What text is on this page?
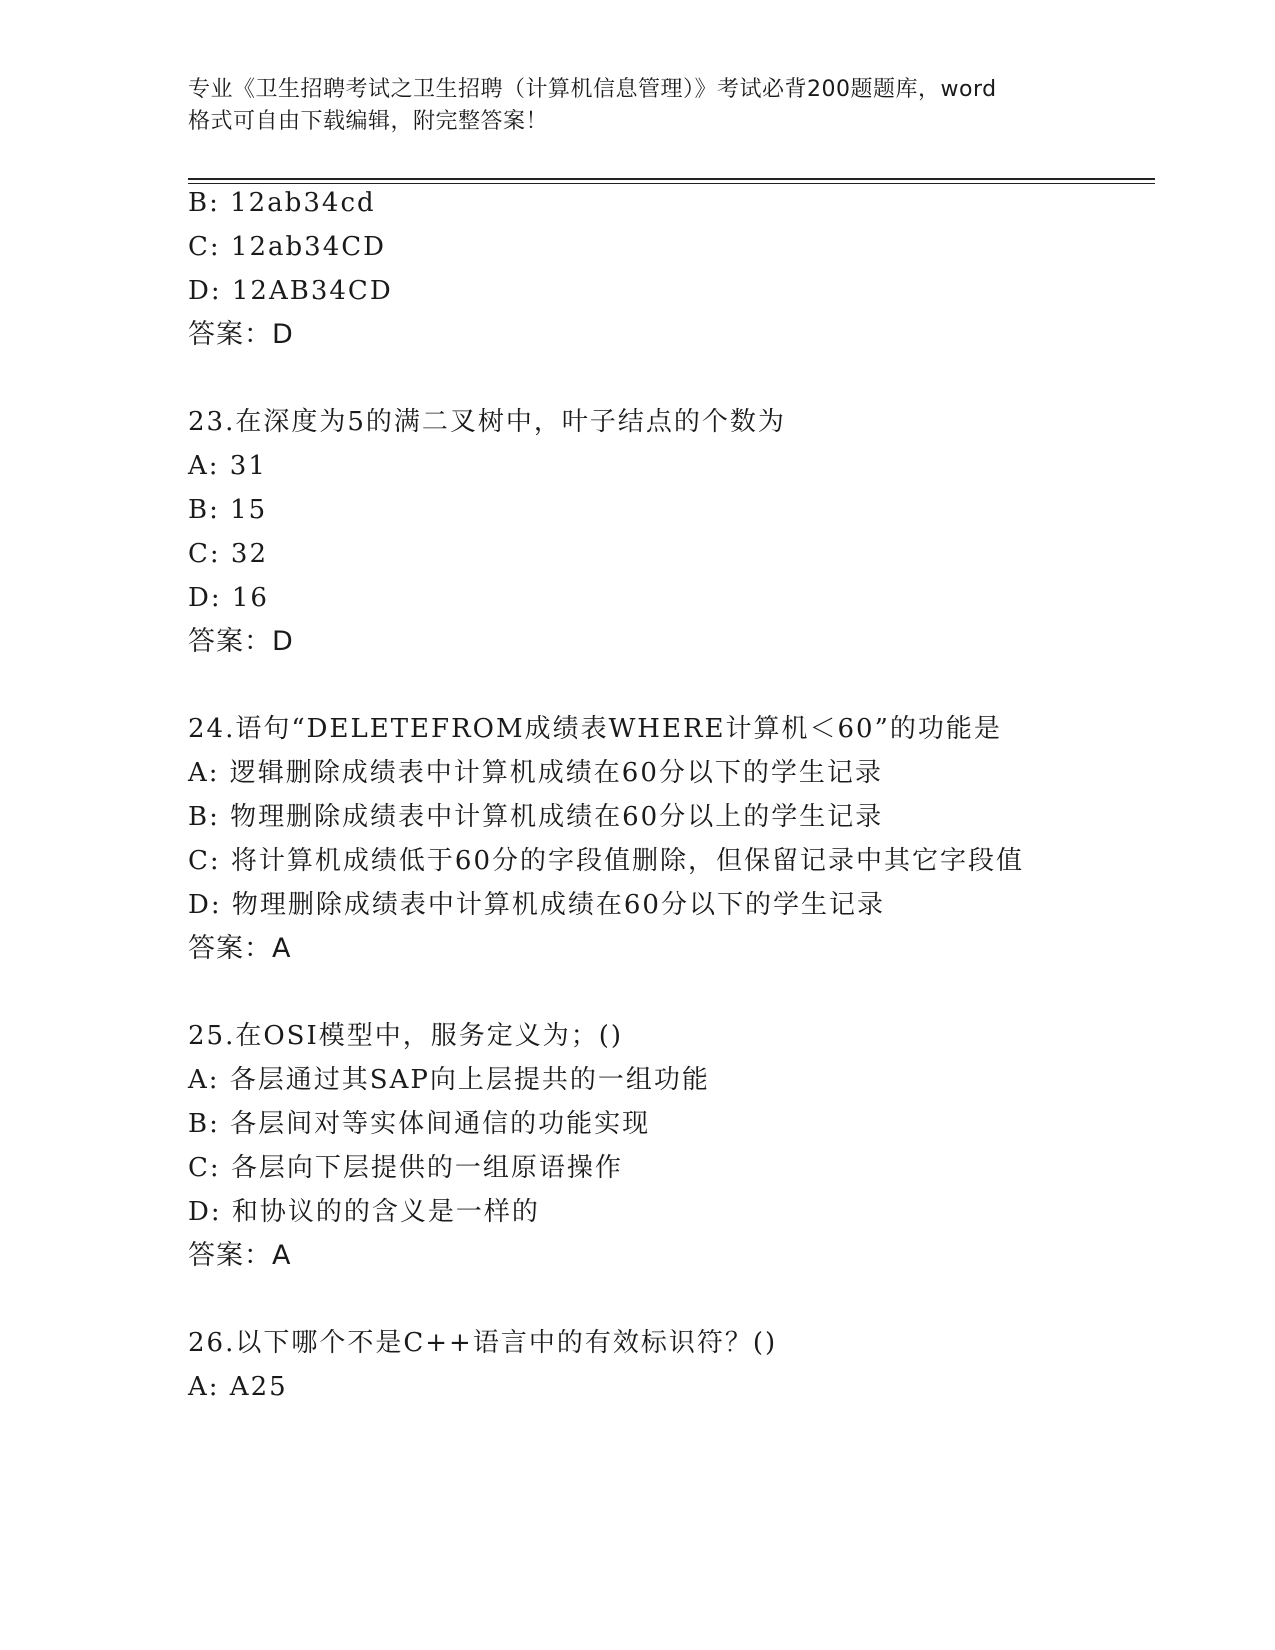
专业《卫生招聘考试之卫生招聘（计算机信息管理）》考试必背200题题库，word
格式可自由下载编辑，附完整答案！
B: 12ab34cd
C: 12ab34CD
D: 12AB34CD
答案：D
23.在深度为5的满二叉树中，叶子结点的个数为
A: 31
B: 15
C: 32
D: 16
答案：D
24.语句“DELETEFROM成绩表WHERE计算机＜60”的功能是
A: 逻辑删除成绩表中计算机成绩在60分以下的学生记录
B: 物理删除成绩表中计算机成绩在60分以上的学生记录
C: 将计算机成绩低于60分的字段值删除，但保留记录中其它字段值
D: 物理删除成绩表中计算机成绩在60分以下的学生记录
答案：A
25.在OSI模型中，服务定义为；()
A: 各层通过其SAP向上层提共的一组功能
B: 各层间对等实体间通信的功能实现
C: 各层向下层提供的一组原语操作
D: 和协议的的含义是一样的
答案：A
26.以下哪个不是C++语言中的有效标识符？()
A: A25
